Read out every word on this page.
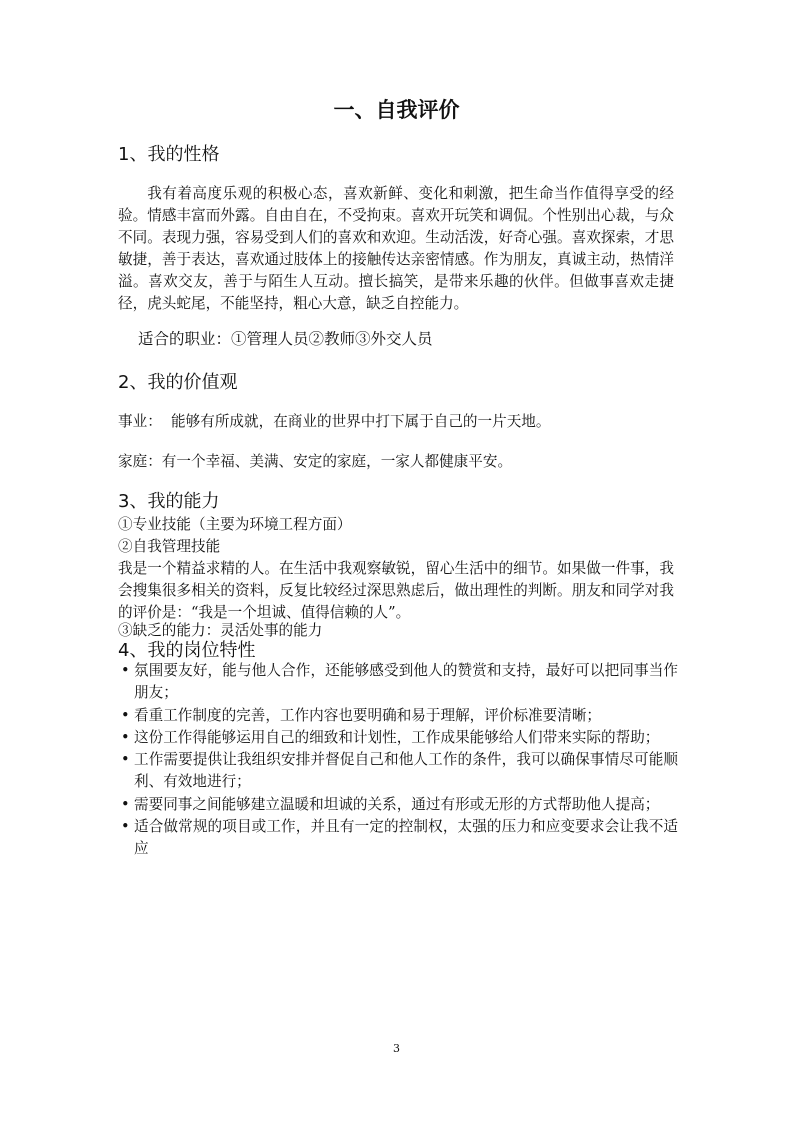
一、自我评价
1、我的性格
我有着高度乐观的积极心态，喜欢新鲜、变化和刺激，把生命当作值得享受的经验。情感丰富而外露。自由自在，不受拘束。喜欢开玩笑和调侃。个性别出心裁，与众不同。表现力强，容易受到人们的喜欢和欢迎。生动活泼，好奇心强。喜欢探索，才思敏捷，善于表达，喜欢通过肢体上的接触传达亲密情感。作为朋友，真诚主动，热情洋溢。喜欢交友，善于与陌生人互动。擅长搞笑，是带来乐趣的伙伴。但做事喜欢走捷径，虎头蛇尾，不能坚持，粗心大意，缺乏自控能力。
适合的职业：①管理人员②教师③外交人员
2、我的价值观
事业：  能够有所成就，在商业的世界中打下属于自己的一片天地。
家庭：有一个幸福、美满、安定的家庭，一家人都健康平安。
3、我的能力
①专业技能（主要为环境工程方面）
②自我管理技能
我是一个精益求精的人。在生活中我观察敏锐，留心生活中的细节。如果做一件事，我会搜集很多相关的资料，反复比较经过深思熟虑后，做出理性的判断。朋友和同学对我的评价是：“我是一个坦诚、值得信赖的人”。
③缺乏的能力：灵活处事的能力
4、我的岗位特性
• 氛围要友好，能与他人合作，还能够感受到他人的赞赏和支持，最好可以把同事当作朋友；
• 看重工作制度的完善，工作内容也要明确和易于理解，评价标准要清晰；
• 这份工作得能够运用自己的细致和计划性，工作成果能够给人们带来实际的帮助；
• 工作需要提供让我组织安排并督促自己和他人工作的条件，我可以确保事情尽可能顺利、有效地进行；
• 需要同事之间能够建立温暖和坦诚的关系，通过有形或无形的方式帮助他人提高；
• 适合做常规的项目或工作，并且有一定的控制权，太强的压力和应变要求会让我不适应
3
